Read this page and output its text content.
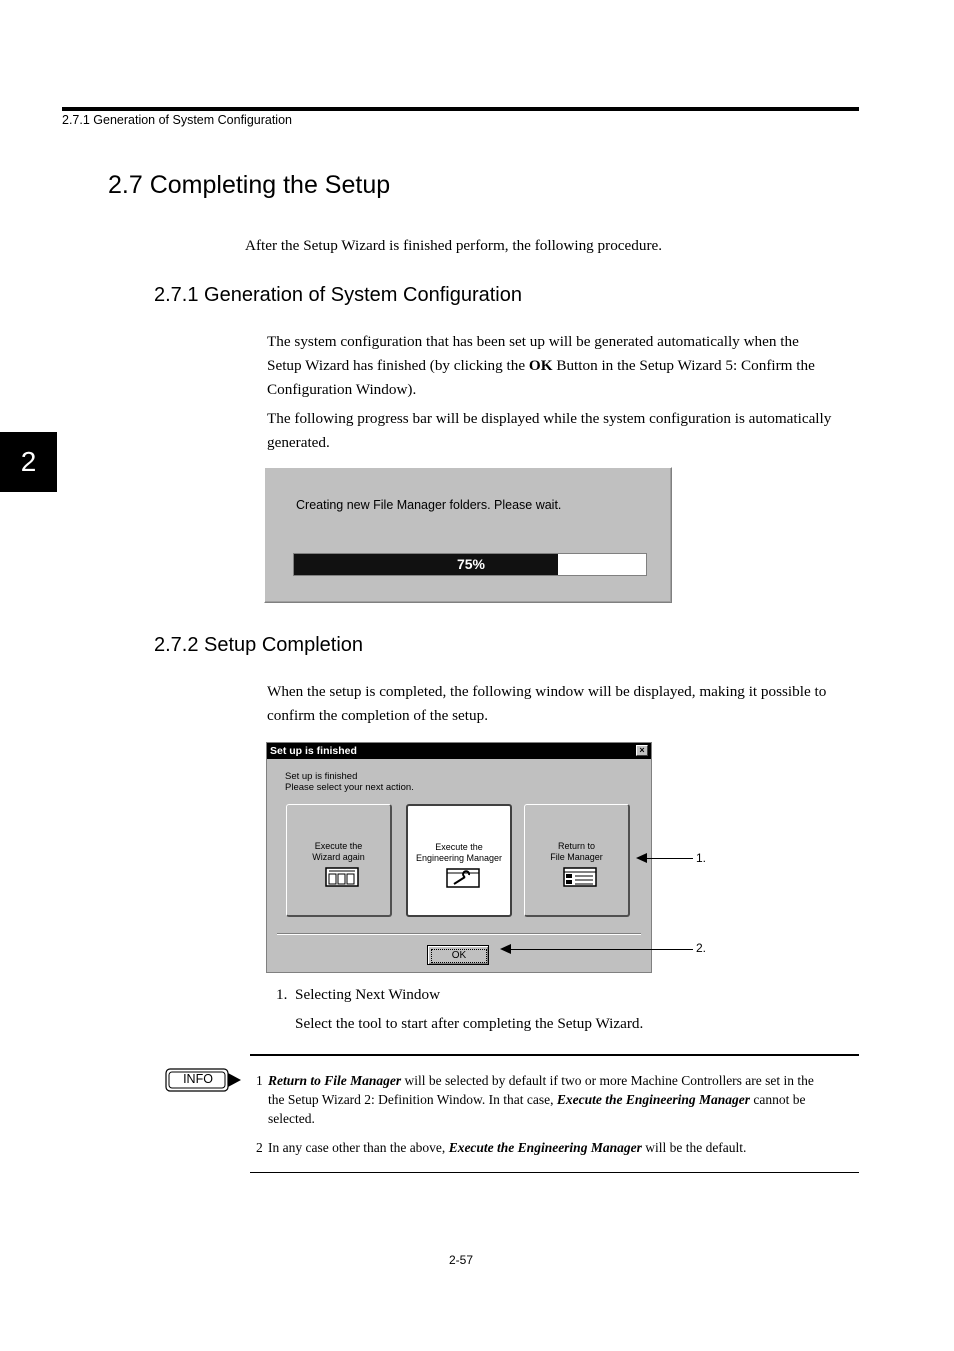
2.7.1 Generation of System Configuration
2
2.7 Completing the Setup
After the Setup Wizard is finished perform, the following procedure.
2.7.1 Generation of System Configuration
The system configuration that has been set up will be generated automatically when the
Setup Wizard has finished (by clicking the OK Button in the Setup Wizard 5: Confirm the
Configuration Window).
The following progress bar will be displayed while the system configuration is automatically
generated.
Creating new File Manager folders. Please wait.
75%
2.7.2 Setup Completion
When the setup is completed, the following window will be displayed, making it possible to
confirm the completion of the setup.
Set up is finished	×
Set up is finished
Please select your next action.
Execute the
Wizard again
Execute the
Engineering Manager
Return to
File Manager
OK
1.
2.
1. Selecting Next Window
Select the tool to start after completing the Setup Wizard.
INFO	1 Return to File Manager will be selected by default if two or more Machine Controllers are set in the
the Setup Wizard 2: Definition Window. In that case, Execute the Engineering Manager cannot be
selected.
2 In any case other than the above, Execute the Engineering Manager will be the default.
2-57
